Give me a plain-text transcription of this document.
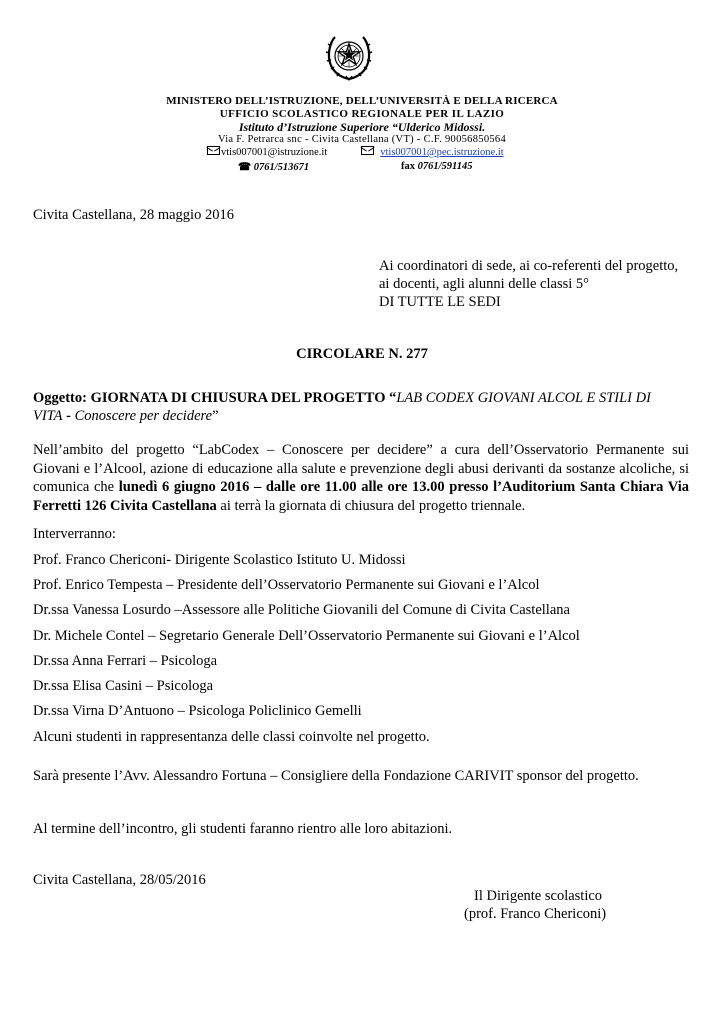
MINISTERO DELL’ISTRUZIONE, DELL’UNIVERSITÀ E DELLA RICERCA
UFFICIO SCOLASTICO REGIONALE PER IL LAZIO
Istituto d’Istruzione Superiore “Ulderico Midossi.
Via F. Petrarca snc - Civita Castellana (VT) - C.F. 90056850564
vtis007001@istruzione.it	vtis007001@pec.istruzione.it
☎ 0761/513671	fax 0761/591145
Civita Castellana, 28 maggio 2016
Ai coordinatori di sede, ai co-referenti del progetto,
ai docenti, agli alunni delle classi 5°
DI TUTTE LE SEDI
CIRCOLARE N. 277
Oggetto: GIORNATA DI CHIUSURA DEL PROGETTO “LAB CODEX GIOVANI ALCOL E STILI DI
VITA - Conoscere per decidere”
Nell’ambito del progetto “LabCodex – Conoscere per decidere” a cura dell’Osservatorio Permanente sui Giovani e l’Alcool, azione di educazione alla salute e prevenzione degli abusi derivanti da sostanze alcoliche, si comunica che lunedì 6 giugno 2016 – dalle ore 11.00 alle ore 13.00 presso l’Auditorium Santa Chiara Via Ferretti 126 Civita Castellana ai terrà la giornata di chiusura del progetto triennale.
Interverranno:
Prof. Franco Chericoni- Dirigente Scolastico Istituto U. Midossi
Prof. Enrico Tempesta – Presidente dell’Osservatorio Permanente sui Giovani e l’Alcol
Dr.ssa Vanessa Losurdo –Assessore alle Politiche Giovanili del Comune di Civita Castellana
Dr. Michele Contel – Segretario Generale Dell’Osservatorio Permanente sui Giovani e l’Alcol
Dr.ssa Anna Ferrari – Psicologa
Dr.ssa Elisa Casini – Psicologa
Dr.ssa Virna D’Antuono – Psicologa Policlinico Gemelli
Alcuni studenti in rappresentanza delle classi coinvolte nel progetto.
Sarà presente l’Avv. Alessandro Fortuna – Consigliere della Fondazione CARIVIT sponsor del progetto.
Al termine dell’incontro, gli studenti faranno rientro alle loro abitazioni.
Civita Castellana, 28/05/2016
Il Dirigente scolastico
(prof. Franco Chericoni)
